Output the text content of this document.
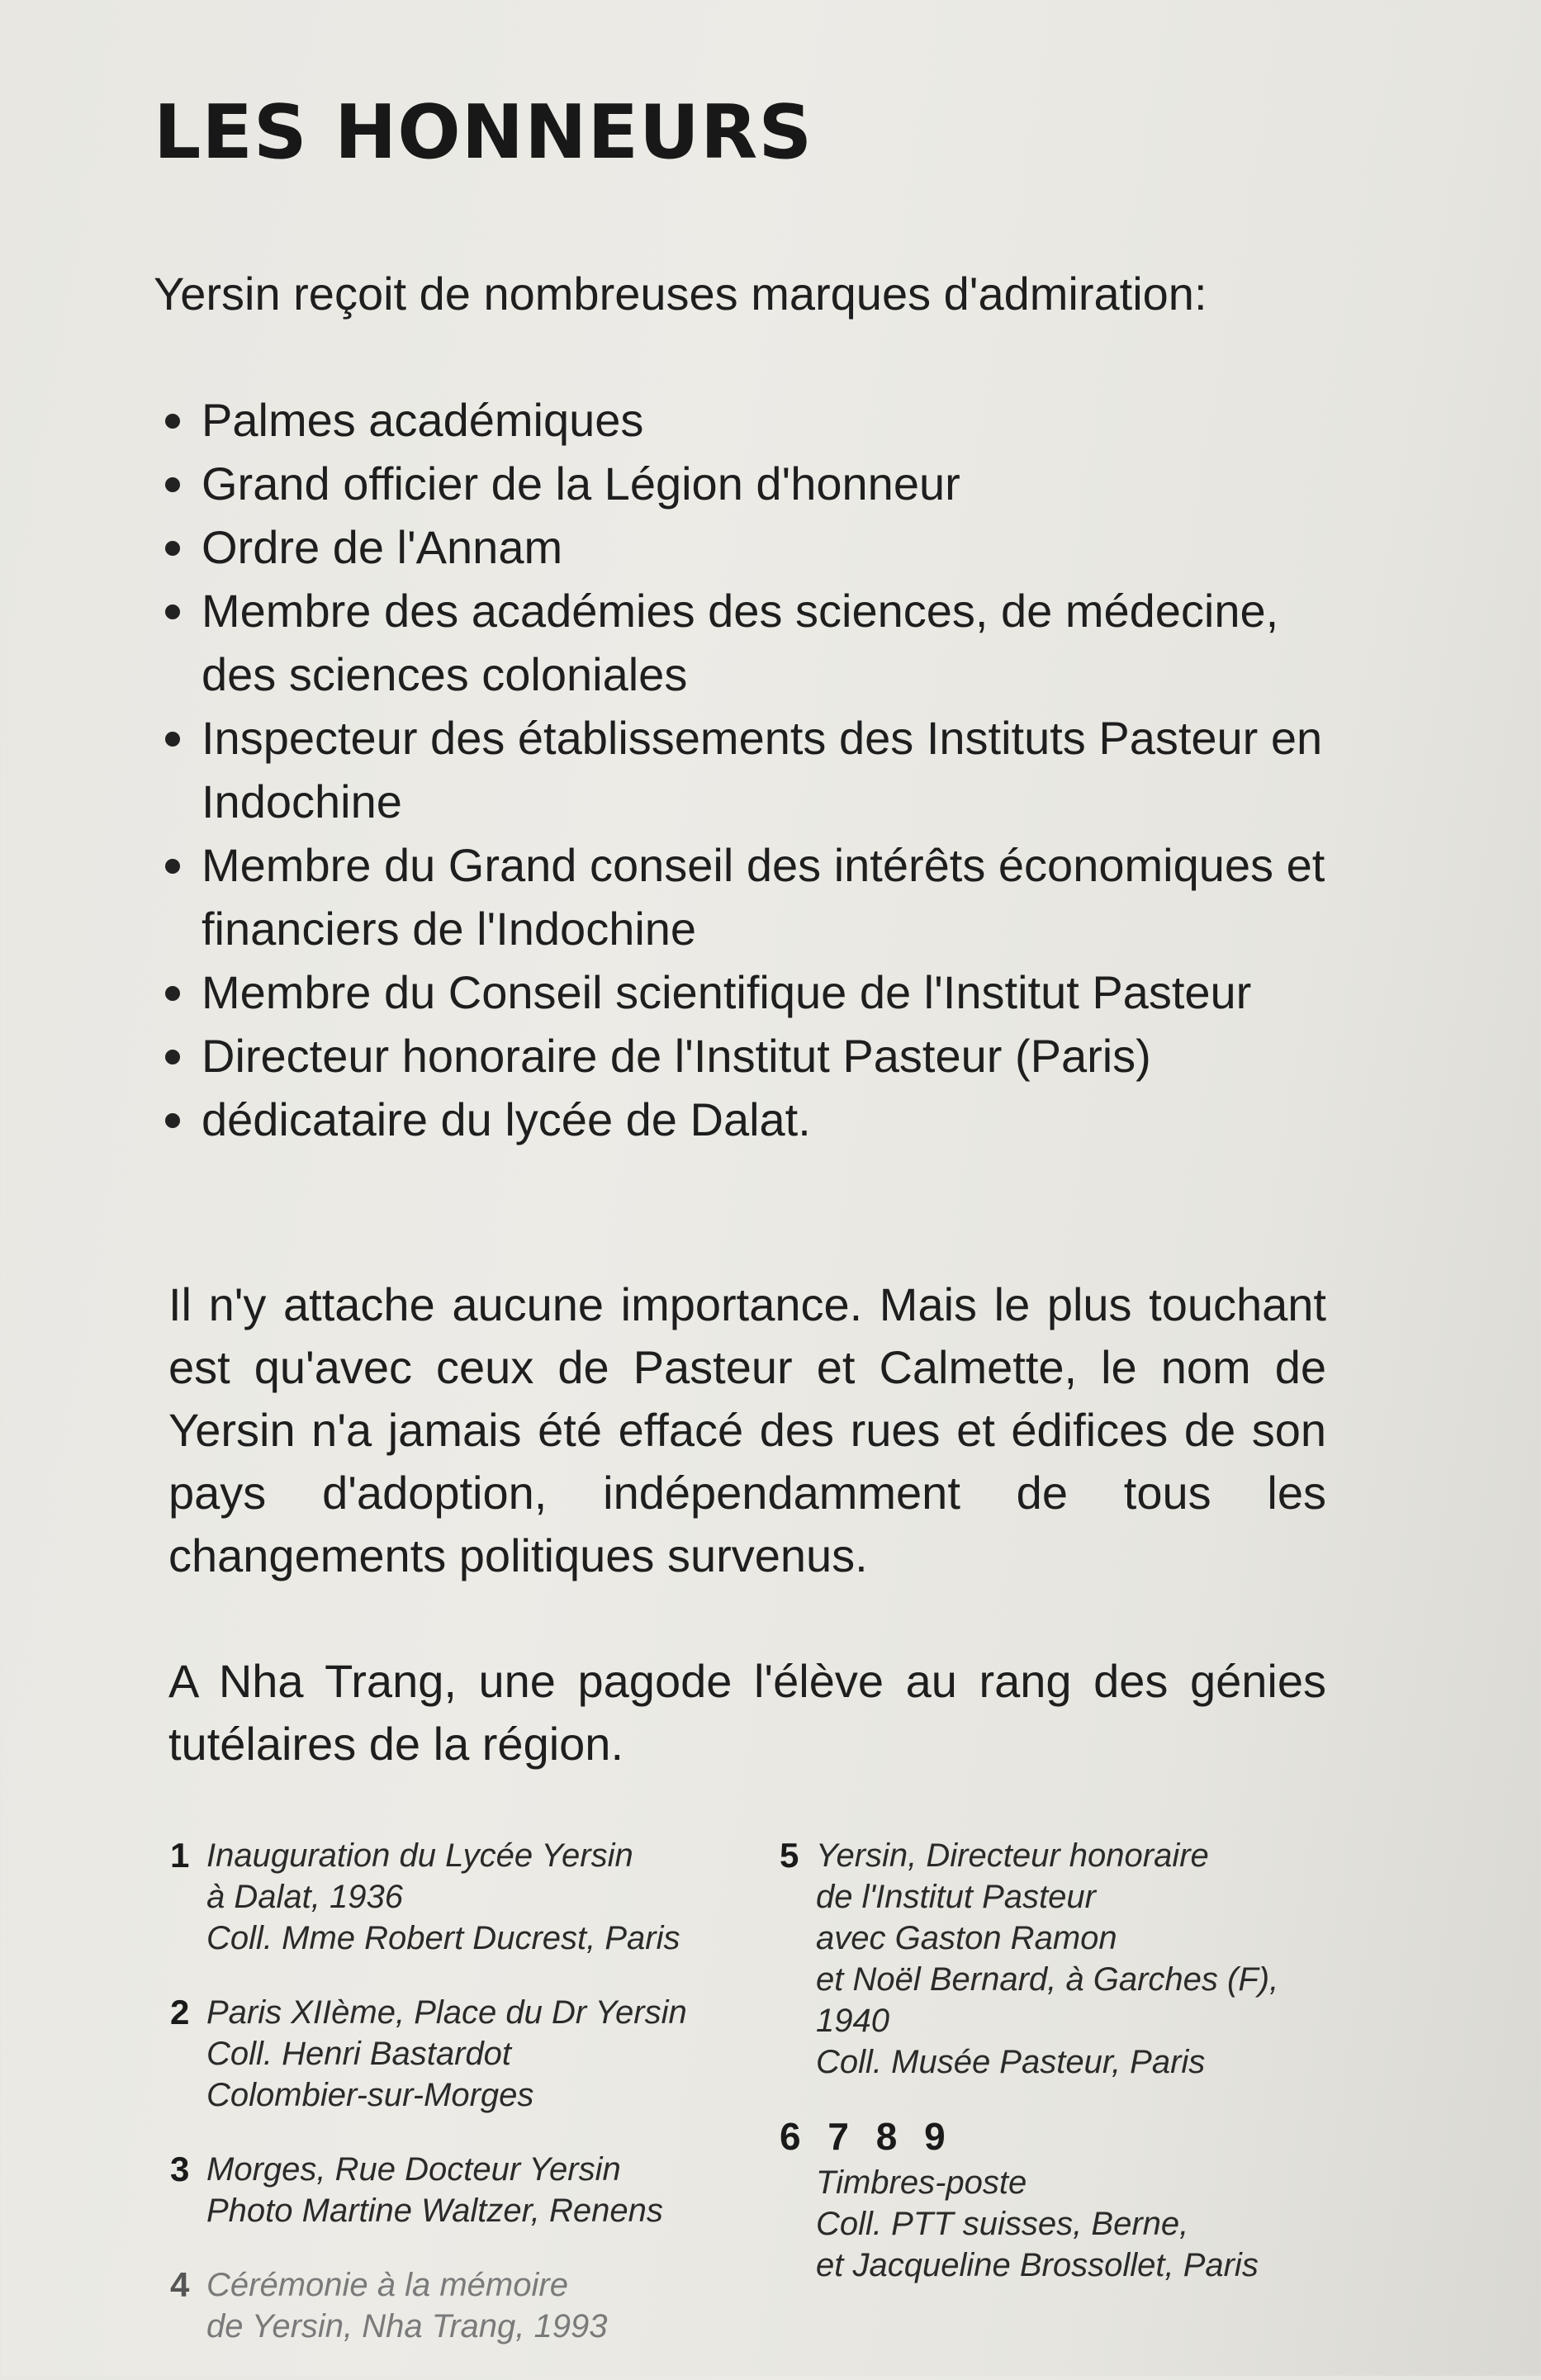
LES HONNEURS

Yersin reçoit de nombreuses marques d'admiration:

Palmes académiques
Grand officier de la Légion d'honneur
Ordre de l'Annam
Membre des académies des sciences, de médecine, des sciences coloniales
Inspecteur des établissements des Instituts Pasteur en Indochine
Membre du Grand conseil des intérêts économiques et financiers de l'Indochine
Membre du Conseil scientifique de l'Institut Pasteur
Directeur honoraire de l'Institut Pasteur (Paris)
dédicataire du lycée de Dalat.

Il n'y attache aucune importance. Mais le plus touchant est qu'avec ceux de Pasteur et Calmette, le nom de Yersin n'a jamais été effacé des rues et édifices de son pays d'adoption, indépendamment de tous les changements politiques survenus.

A Nha Trang, une pagode l'élève au rang des génies tutélaires de la région.

1 Inauguration du Lycée Yersin
à Dalat, 1936
Coll. Mme Robert Ducrest, Paris
2 Paris XIIème, Place du Dr Yersin
Coll. Henri Bastardot
Colombier-sur-Morges
3 Morges, Rue Docteur Yersin
Photo Martine Waltzer, Renens
4 Cérémonie à la mémoire
de Yersin, Nha Trang, 1993
5 Yersin, Directeur honoraire
de l'Institut Pasteur
avec Gaston Ramon
et Noël Bernard, à Garches (F),
1940
Coll. Musée Pasteur, Paris
6 7 8 9
Timbres-poste
Coll. PTT suisses, Berne,
et Jacqueline Brossollet, Paris
